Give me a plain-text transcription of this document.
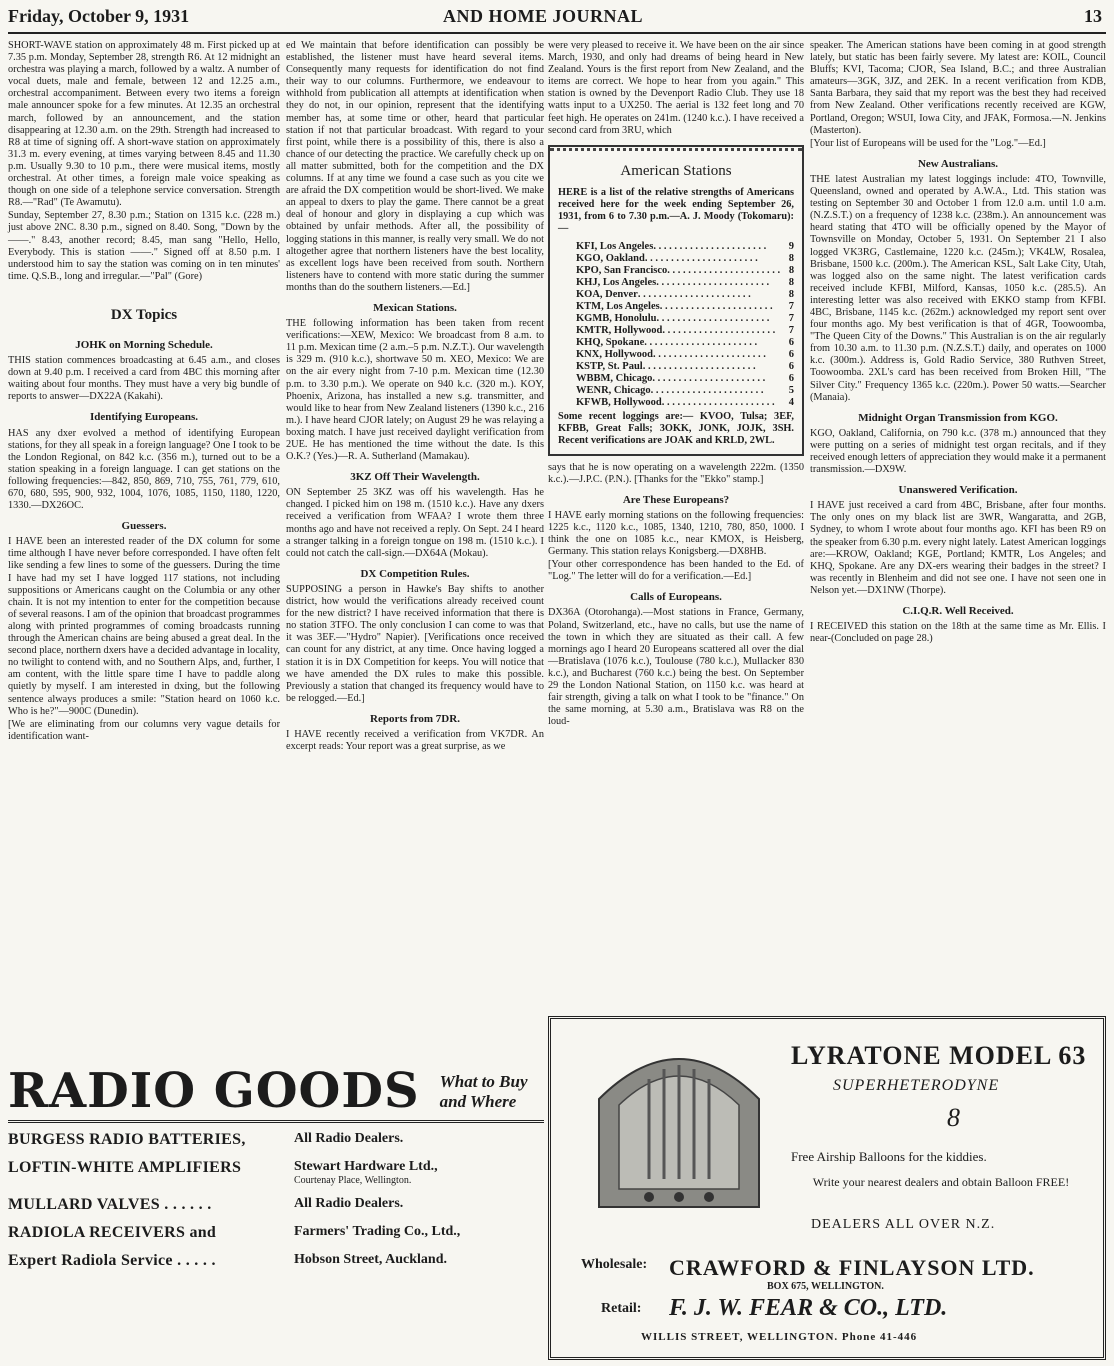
Friday, October 9, 1931	AND HOME JOURNAL	13

SHORT-WAVE station on approximately 48 m. First picked up at 7.35 p.m. Monday, September 28, strength R6. At 12 midnight an orchestra was playing a march, followed by a waltz. A number of vocal duets, male and female, between 12 and 12.25 a.m., orchestral accompaniment. Between every two items a foreign male announcer spoke for a few minutes. At 12.35 an orchestral march, followed by an announcement, and the station disappearing at 12.30 a.m. on the 29th. Strength had increased to R8 at time of signing off. A short-wave station on approximately 31.3 m. every evening, at times varying between 8.45 and 11.30 p.m. Usually 9.30 to 10 p.m., there were musical items, mostly orchestral. At other times, a foreign male voice speaking as though on one side of a telephone service conversation. Strength R8.—"Rad" (Te Awamutu).

Sunday, September 27, 8.30 p.m.; Station on 1315 k.c. (228 m.) just above 2NC. 8.30 p.m., signed on 8.40. Song, "Down by the ——." 8.43, another record; 8.45, man sang "Hello, Hello, Everybody. This is station ——." Signed off at 8.50 p.m. I understood him to say the station was coming on in ten minutes' time. Q.S.B., long and irregular.—"Pal" (Gore)

DX Topics
JOHK on Morning Schedule.

THIS station commences broadcasting at 6.45 a.m., and closes down at 9.40 p.m. I received a card from 4BC this morning after waiting about four months. They must have a very big bundle of reports to answer—DX22A (Kakahi).

Identifying Europeans.

HAS any dxer evolved a method of identifying European stations, for they all speak in a foreign language? One I took to be the London Regional, on 842 k.c. (356 m.), turned out to be a station speaking in a foreign language. I can get stations on the following frequencies:—842, 850, 869, 710, 755, 761, 779, 610, 670, 680, 595, 900, 932, 1004, 1076, 1085, 1150, 1180, 1220, 1330.—DX26OC.

Guessers.

I HAVE been an interested reader of the DX column for some time although I have never before corresponded. I have often felt like sending a few lines to some of the guessers. During the time I have had my set I have logged 117 stations, not including suppositions or Americans caught on the Columbia or any other chain. It is not my intention to enter for the competition because of several reasons. I am of the opinion that broadcast programmes along with printed programmes of coming broadcasts running through the American chains are being abused a great deal. In the second place, northern dxers have a decided advantage in locality, no twilight to contend with, and no Southern Alps, and, further, I am content, with the little spare time I have to paddle along quietly by myself. I am interested in dxing, but the following sentence always produces a smile: "Station heard on 1060 k.c. Who is he?"—900C (Dunedin).

[We are eliminating from our columns very vague details for identification want-

ed We maintain that before identification can possibly be established, the listener must have heard several items. Consequently many requests for identification do not find their way to our columns. Furthermore, we endeavour to withhold from publication all attempts at identification when they do not, in our opinion, represent that the identifying member has, at some time or other, heard that particular station if not that particular broadcast. With regard to your first point, while there is a possibility of this, there is also a chance of our detecting the practice. We carefully check up on all matter submitted, both for the competition and the DX columns. If at any time we found a case such as you cite we are afraid the DX competition would be short-lived. We make an appeal to dxers to play the game. There cannot be a great deal of honour and glory in displaying a cup which was obtained by unfair methods. After all, the possibility of logging stations in this manner, is really very small. We do not altogether agree that northern listeners have the best locality, as excellent logs have been received from south. Northern listeners have to contend with more static during the summer months than do the southern listeners.—Ed.]

Mexican Stations.

THE following information has been taken from recent verifications:—XEW, Mexico: We broadcast from 8 a.m. to 11 p.m. Mexican time (2 a.m.–5 p.m. N.Z.T.). Our wavelength is 329 m. (910 k.c.), shortwave 50 m. XEO, Mexico: We are on the air every night from 7-10 p.m. Mexican time (12.30 p.m. to 3.30 p.m.). We operate on 940 k.c. (320 m.). KOY, Phoenix, Arizona, has installed a new s.g. transmitter, and would like to hear from New Zealand listeners (1390 k.c., 216 m.). I have heard CJOR lately; on August 29 he was relaying a boxing match. I have just received daylight verification from 2UE. He has mentioned the time without the date. Is this O.K.? (Yes.)—R. A. Sutherland (Mamakau).

3KZ Off Their Wavelength.

ON September 25 3KZ was off his wavelength. Has he changed. I picked him on 198 m. (1510 k.c.). Have any dxers received a verification from WFAA? I wrote them three months ago and have not received a reply. On Sept. 24 I heard a stranger talking in a foreign tongue on 198 m. (1510 k.c.). I could not catch the call-sign.—DX64A (Mokau).

DX Competition Rules.

SUPPOSING a person in Hawke's Bay shifts to another district, how would the verifications already received count for the new district? I have received information that there is no station 3TFO. The only conclusion I can come to was that it was 3EF.—"Hydro" Napier). [Verifications once received can count for any district, at any time. Once having logged a station it is in DX Competition for keeps. You will notice that we have amended the DX rules to make this possible. Previously a station that changed its frequency would have to be relogged.—Ed.]

Reports from 7DR.

I HAVE recently received a verification from VK7DR. An excerpt reads: Your report was a great surprise, as we

were very pleased to receive it. We have been on the air since March, 1930, and only had dreams of being heard in New Zealand. Yours is the first report from New Zealand, and the items are correct. We hope to hear from you again." This station is owned by the Devenport Radio Club. They use 18 watts input to a UX250. The aerial is 132 feet long and 70 feet high. He operates on 241m. (1240 k.c.). I have received a second card from 3RU, which

American Stations
HERE is a list of the relative strengths of Americans received here for the week ending September 26, 1931, from 6 to 7.30 p.m.—A. J. Moody (Tokomaru):—
KFI, Los Angeles . . .	9
KGO, Oakland . . .	8
KPO, San Francisco . . .	8
KHJ, Los Angeles . . .	8
KOA, Denver . . .	8
KTM, Los Angeles . . .	7
KGMB, Honolulu . . .	7
KMTR, Hollywood . . .	7
KHQ, Spokane . . .	6
KNX, Hollywood . . .	6
KSTP, St. Paul . . .	6
WBBM, Chicago . . .	6
WENR, Chicago . . .	5
KFWB, Hollywood . . .	4
Some recent loggings are:— KVOO, Tulsa; 3EF, KFBB, Great Falls; 3OKK, JONK, JOJK, 3SH. Recent verifications are JOAK and KRLD, 2WL.

says that he is now operating on a wavelength 222m. (1350 k.c.).—J.P.C. (P.N.). [Thanks for the "Ekko" stamp.]

Are These Europeans?

I HAVE early morning stations on the following frequencies: 1225 k.c., 1120 k.c., 1085, 1340, 1210, 780, 850, 1000. I think the one on 1085 k.c., near KMOX, is Heisberg, Germany. This station relays Konigsberg.—DX8HB.

[Your other correspondence has been handed to the Ed. of "Log." The letter will do for a verification.—Ed.]

Calls of Europeans.

DX36A (Otorohanga).—Most stations in France, Germany, Poland, Switzerland, etc., have no calls, but use the name of the town in which they are situated as their call. A few mornings ago I heard 20 Europeans scattered all over the dial—Bratislava (1076 k.c.), Toulouse (780 k.c.), Mullacker 830 k.c.), and Bucharest (760 k.c.) being the best. On September 29 the London National Station, on 1150 k.c. was heard at fair strength, giving a talk on what I took to be "finance." On the same morning, at 5.30 a.m., Bratislava was R8 on the loud-

speaker. The American stations have been coming in at good strength lately, but static has been fairly severe. My latest are: KOIL, Council Bluffs; KVI, Tacoma; CJOR, Sea Island, B.C.; and three Australian amateurs—3GK, 3JZ, and 2EK. In a recent verification from KDB, Santa Barbara, they said that my report was the best they had received from New Zealand. Other verifications recently received are KGW, Portland, Oregon; WSUI, Iowa City, and JFAK, Formosa.—N. Jenkins (Masterton).

[Your list of Europeans will be used for the "Log."—Ed.]

New Australians.

THE latest Australian my latest loggings include: 4TO, Townville, Queensland, owned and operated by A.W.A., Ltd. This station was testing on September 30 and October 1 from 12.0 a.m. until 1.0 a.m. (N.Z.S.T.) on a frequency of 1238 k.c. (238m.). An announcement was heard stating that 4TO will be officially opened by the Mayor of Townsville on Monday, October 5, 1931. On September 21 I also logged VK3RG, Castlemaine, 1220 k.c. (245m.); VK4LW, Rosalea, Brisbane, 1500 k.c. (200m.). The American KSL, Salt Lake City, Utah, was logged also on the same night. The latest verification cards received include KFBI, Milford, Kansas, 1050 k.c. (285.5). An interesting letter was also received with EKKO stamp from KFBI. 4BC, Brisbane, 1145 k.c. (262m.) acknowledged my report sent over four months ago. My best verification is that of 4GR, Toowoomba, "The Queen City of the Downs." This Australian is on the air regularly from 10.30 a.m. to 11.30 p.m. (N.Z.S.T.) daily, and operates on 1000 k.c. (300m.). Address is, Gold Radio Service, 380 Ruthven Street, Toowoomba. 2XL's card has been received from Broken Hill, "The Silver City." Frequency 1365 k.c. (220m.). Power 50 watts.—Searcher (Manaia).

Midnight Organ Transmission from KGO.

KGO, Oakland, California, on 790 k.c. (378 m.) announced that they were putting on a series of midnight test organ recitals, and if they received enough letters of appreciation they would make it a permanent transmission.—DX9W.

Unanswered Verification.

I HAVE just received a card from 4BC, Brisbane, after four months. The only ones on my black list are 3WR, Wangaratta, and 2GB, Sydney, to whom I wrote about four months ago. KFI has been R9 on the speaker from 6.30 p.m. every night lately. Latest American loggings are:—KROW, Oakland; KGE, Portland; KMTR, Los Angeles; and KHQ, Spokane. Are any DX-ers wearing their badges in the street? I was recently in Blenheim and did not see one. I have not seen one in Nelson yet.—DX1NW (Thorpe).

C.I.Q.R. Well Received.

I RECEIVED this station on the 18th at the same time as Mr. Ellis. I near-(Concluded on page 28.)

RADIO GOODS What to Buy
and Where
BURGESS RADIO BATTERIES,	All Radio Dealers.
LOFTIN-WHITE AMPLIFIERS	Stewart Hardware Ltd.,
Courtenay Place, Wellington.
MULLARD VALVES . . . . . .	All Radio Dealers.
RADIOLA RECEIVERS and	Farmers' Trading Co., Ltd.,
Expert Radiola Service . . . . .	Hobson Street, Auckland.
LYRATONE MODEL 63
SUPERHETERODYNE
8
Free Airship Balloons for the kiddies.
Write your nearest dealers and obtain Balloon FREE!
DEALERS ALL OVER N.Z.
Wholesale: CRAWFORD & FINLAYSON LTD.
BOX 675, WELLINGTON.
Retail: F. J. W. FEAR & CO., LTD.
WILLIS STREET, WELLINGTON. Phone 41-446
